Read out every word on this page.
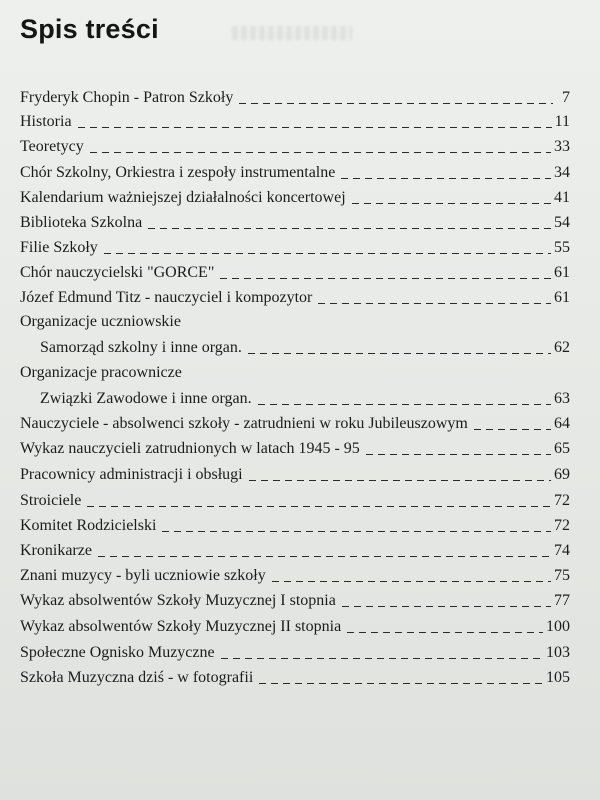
Spis treści
Fryderyk Chopin - Patron Szkoły	7
Historia	11
Teoretycy	33
Chór Szkolny, Orkiestra i zespoły instrumentalne	34
Kalendarium ważniejszej działalności koncertowej	41
Biblioteka Szkolna	54
Filie Szkoły	55
Chór nauczycielski "GORCE"	61
Józef Edmund Titz - nauczyciel i kompozytor	61
Organizacje uczniowskie
Samorząd szkolny i inne organ.	62
Organizacje pracownicze
Związki Zawodowe i inne organ.	63
Nauczyciele - absolwenci szkoły - zatrudnieni w roku Jubileuszowym	64
Wykaz nauczycieli zatrudnionych w latach 1945 - 95	65
Pracownicy administracji i obsługi	69
Stroiciele	72
Komitet Rodzicielski	72
Kronikarze	74
Znani muzycy - byli uczniowie szkoły	75
Wykaz absolwentów Szkoły Muzycznej I stopnia	77
Wykaz absolwentów Szkoły Muzycznej II stopnia	100
Społeczne Ognisko Muzyczne	103
Szkoła Muzyczna dziś - w fotografii	105
